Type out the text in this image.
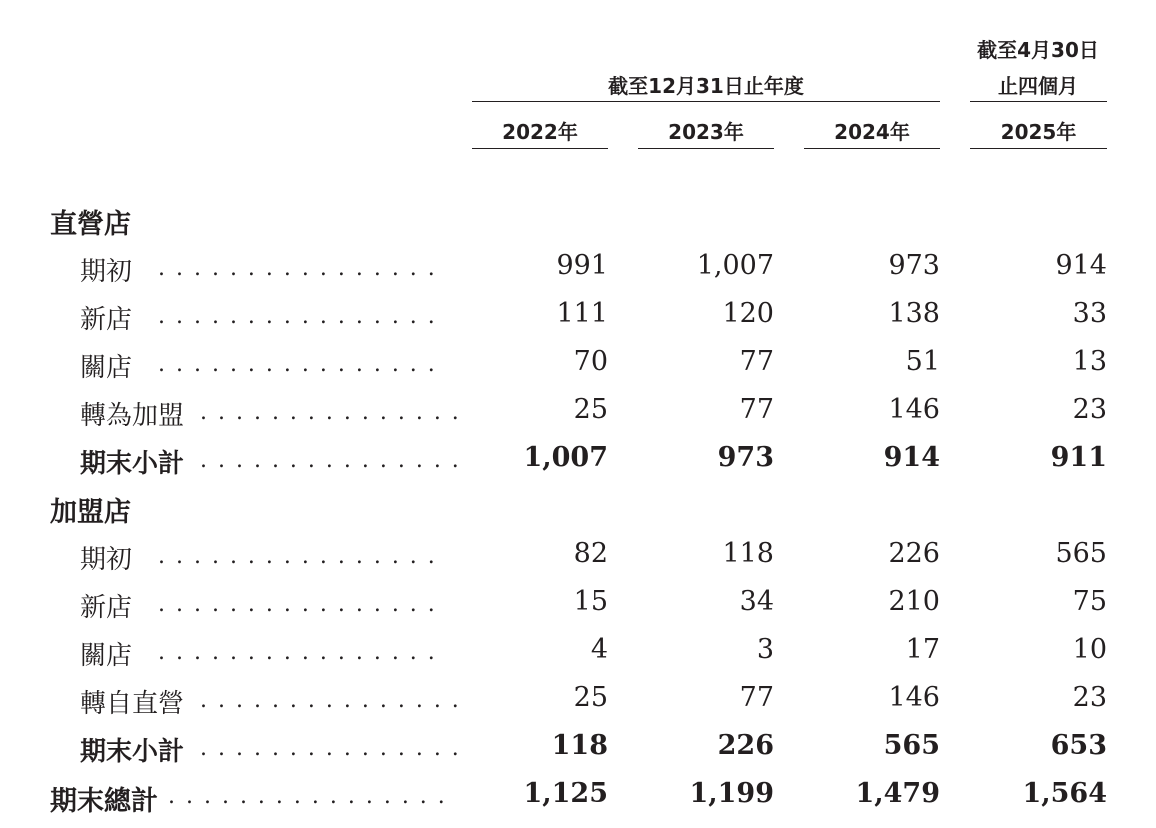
截至12月31日止年度
截至4月30日
止四個月
2022年	2023年	2024年	2025年
直營店
期初 . . . . . . . . . . . . . . . .	991	1,007	973	914
新店 . . . . . . . . . . . . . . . .	111	120	138	33
關店 . . . . . . . . . . . . . . . .	70	77	51	13
轉為加盟 . . . . . . . . . . . . . . .	25	77	146	23
期末小計 . . . . . . . . . . . . . . .	1,007	973	914	911
加盟店
期初 . . . . . . . . . . . . . . . .	82	118	226	565
新店 . . . . . . . . . . . . . . . .	15	34	210	75
關店 . . . . . . . . . . . . . . . .	4	3	17	10
轉自直營 . . . . . . . . . . . . . . .	25	77	146	23
期末小計 . . . . . . . . . . . . . . .	118	226	565	653
期末總計 . . . . . . . . . . . . . . . .	1,125	1,199	1,479	1,564
